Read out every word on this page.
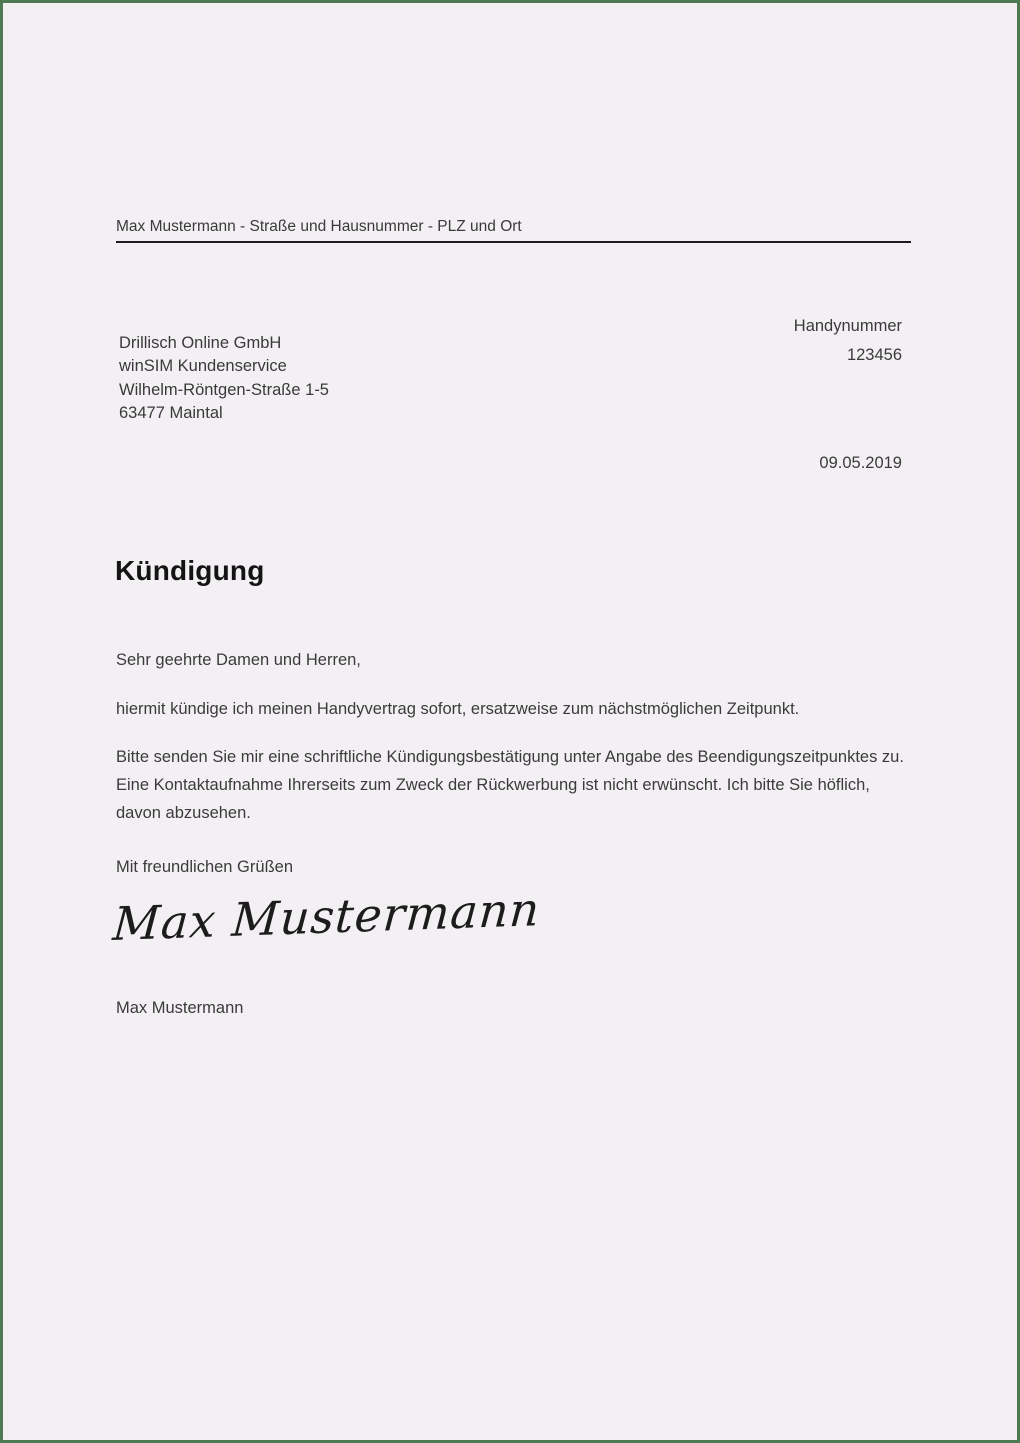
Max Mustermann - Straße und Hausnummer - PLZ und Ort
Handynummer
123456
Drillisch Online GmbH
winSIM Kundenservice
Wilhelm-Röntgen-Straße 1-5
63477 Maintal
09.05.2019
Kündigung

Sehr geehrte Damen und Herren,

hiermit kündige ich meinen Handyvertrag sofort, ersatzweise zum nächstmöglichen Zeitpunkt.

Bitte senden Sie mir eine schriftliche Kündigungsbestätigung unter Angabe des Beendigungszeitpunktes zu. Eine Kontaktaufnahme Ihrerseits zum Zweck der Rückwerbung ist nicht erwünscht. Ich bitte Sie höflich, davon abzusehen.

Mit freundlichen Grüßen

Max Mustermann
Max Mustermann
